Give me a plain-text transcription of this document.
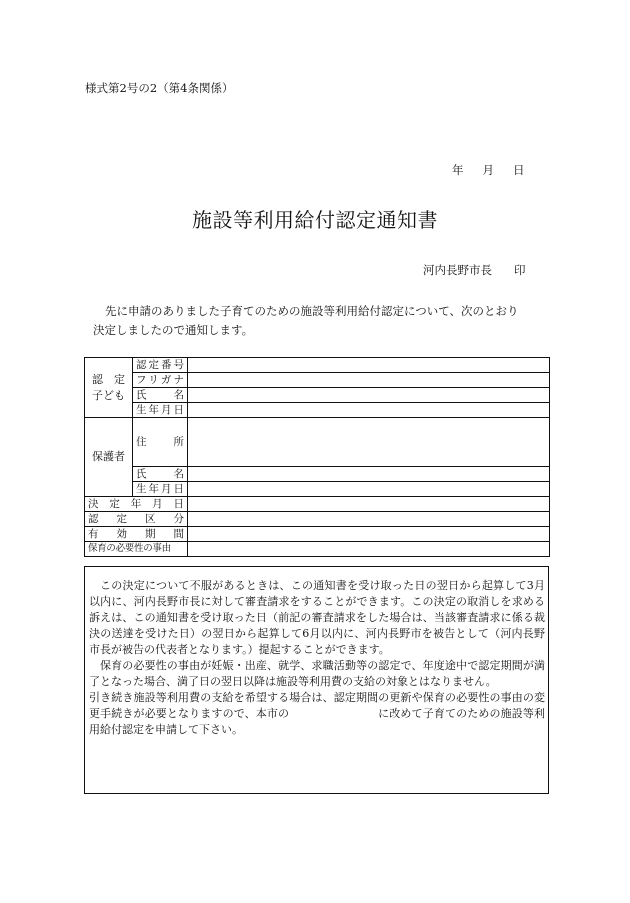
様式第2号の2（第4条関係）
年 月 日
施設等利用給付認定通知書
河内長野市長 印
先に申請のありました子育てのための施設等利用給付認定について、次のとおり
決定しましたので通知します。
認　定
子ども	認定番号	
	フリガナ	
	氏　名	
	生年月日	
保護者	住　所	
	氏　名	
	生年月日	
決定年月日		
認定区分		
有効期間		
保育の必要性の事由		

この決定について不服があるときは、この通知書を受け取った日の翌日から起算して3月以内に、河内長野市長に対して審査請求をすることができます。この決定の取消しを求める訴えは、この通知書を受け取った日（前記の審査請求をした場合は、当該審査請求に係る裁決の送達を受けた日）の翌日から起算して6月以内に、河内長野市を被告として（河内長野市長が被告の代表者となります。）提起することができます。

保育の必要性の事由が妊娠・出産、就学、求職活動等の認定で、年度途中で認定期間が満了となった場合、満了日の翌日以降は施設等利用費の支給の対象とはなりません。

引き続き施設等利用費の支給を希望する場合は、認定期間の更新や保育の必要性の事由の変更手続きが必要となりますので、本市の　　　　　　　　に改めて子育てのための施設等利用給付認定を申請して下さい。
